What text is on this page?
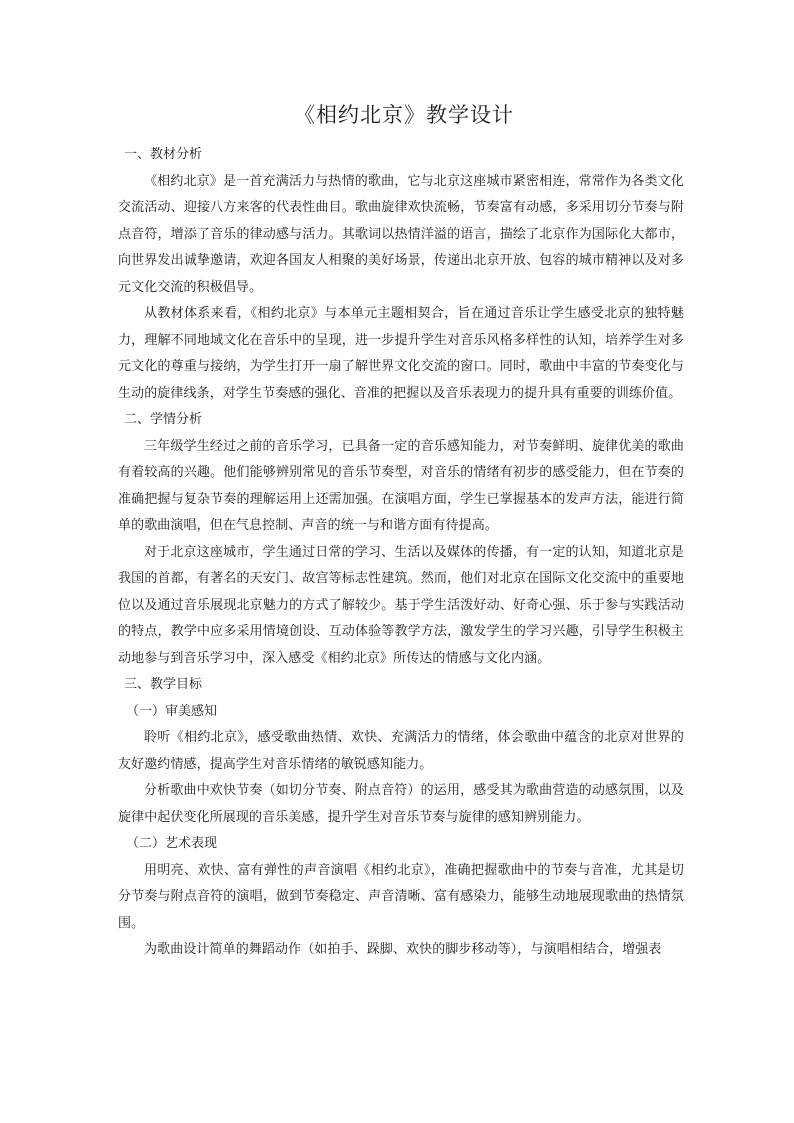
《相约北京》教学设计

一、教材分析

《相约北京》是一首充满活力与热情的歌曲，它与北京这座城市紧密相连，常常作为各类文化交流活动、迎接八方来客的代表性曲目。歌曲旋律欢快流畅，节奏富有动感，多采用切分节奏与附点音符，增添了音乐的律动感与活力。其歌词以热情洋溢的语言，描绘了北京作为国际化大都市，向世界发出诚挚邀请，欢迎各国友人相聚的美好场景，传递出北京开放、包容的城市精神以及对多元文化交流的积极倡导。

从教材体系来看，《相约北京》与本单元主题相契合，旨在通过音乐让学生感受北京的独特魅力，理解不同地域文化在音乐中的呈现，进一步提升学生对音乐风格多样性的认知，培养学生对多元文化的尊重与接纳，为学生打开一扇了解世界文化交流的窗口。同时，歌曲中丰富的节奏变化与生动的旋律线条，对学生节奏感的强化、音准的把握以及音乐表现力的提升具有重要的训练价值。

二、学情分析

三年级学生经过之前的音乐学习，已具备一定的音乐感知能力，对节奏鲜明、旋律优美的歌曲有着较高的兴趣。他们能够辨别常见的音乐节奏型，对音乐的情绪有初步的感受能力，但在节奏的准确把握与复杂节奏的理解运用上还需加强。在演唱方面，学生已掌握基本的发声方法，能进行简单的歌曲演唱，但在气息控制、声音的统一与和谐方面有待提高。

对于北京这座城市，学生通过日常的学习、生活以及媒体的传播，有一定的认知，知道北京是我国的首都，有著名的天安门、故宫等标志性建筑。然而，他们对北京在国际文化交流中的重要地位以及通过音乐展现北京魅力的方式了解较少。基于学生活泼好动、好奇心强、乐于参与实践活动的特点，教学中应多采用情境创设、互动体验等教学方法，激发学生的学习兴趣，引导学生积极主动地参与到音乐学习中，深入感受《相约北京》所传达的情感与文化内涵。

三、教学目标

（一）审美感知

聆听《相约北京》，感受歌曲热情、欢快、充满活力的情绪，体会歌曲中蕴含的北京对世界的友好邀约情感，提高学生对音乐情绪的敏锐感知能力。

分析歌曲中欢快节奏（如切分节奏、附点音符）的运用，感受其为歌曲营造的动感氛围，以及旋律中起伏变化所展现的音乐美感，提升学生对音乐节奏与旋律的感知辨别能力。

（二）艺术表现

用明亮、欢快、富有弹性的声音演唱《相约北京》，准确把握歌曲中的节奏与音准，尤其是切分节奏与附点音符的演唱，做到节奏稳定、声音清晰、富有感染力，能够生动地展现歌曲的热情氛围。

为歌曲设计简单的舞蹈动作（如拍手、跺脚、欢快的脚步移动等），与演唱相结合，增强表
